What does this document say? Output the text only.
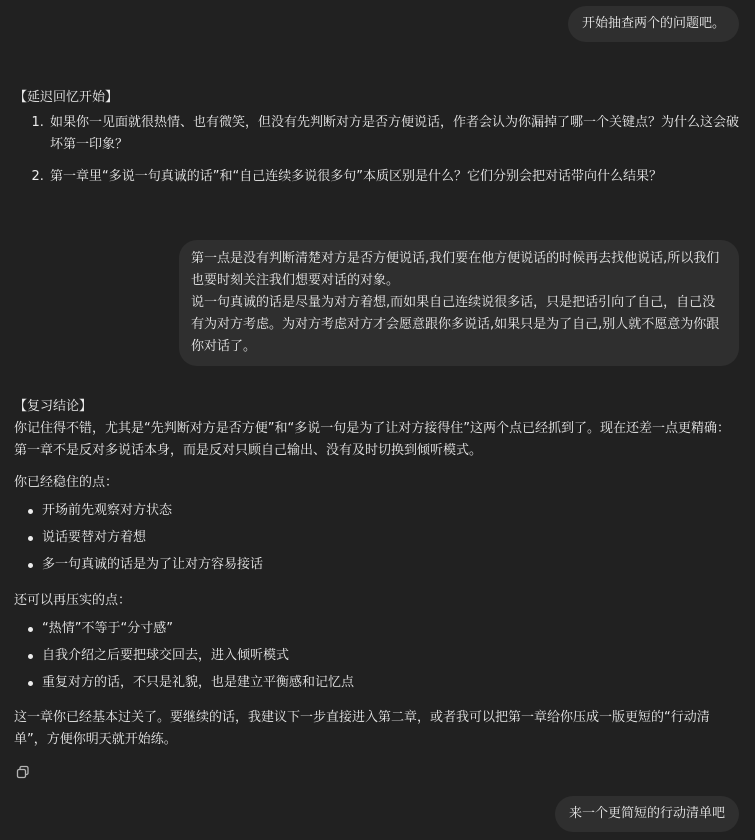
开始抽查两个的问题吧。
【延迟回忆开始】
1. 如果你一见面就很热情、也有微笑，但没有先判断对方是否方便说话，作者会认为你漏掉了哪一个关键点？为什么这会破坏第一印象？
2. 第一章里“多说一句真诚的话”和“自己连续多说很多句”本质区别是什么？它们分别会把对话带向什么结果？
第一点是没有判断清楚对方是否方便说话,我们要在他方便说话的时候再去找他说话,所以我们也要时刻关注我们想要对话的对象。
说一句真诚的话是尽量为对方着想,而如果自己连续说很多话，只是把话引向了自己，自己没有为对方考虑。为对方考虑对方才会愿意跟你多说话,如果只是为了自己,别人就不愿意为你跟你对话了。
【复习结论】
你记住得不错，尤其是“先判断对方是否方便”和“多说一句是为了让对方接得住”这两个点已经抓到了。现在还差一点更精确：第一章不是反对多说话本身，而是反对只顾自己输出、没有及时切换到倾听模式。
你已经稳住的点：
开场前先观察对方状态
说话要替对方着想
多一句真诚的话是为了让对方容易接话
还可以再压实的点：
“热情”不等于“分寸感”
自我介绍之后要把球交回去，进入倾听模式
重复对方的话，不只是礼貌，也是建立平衡感和记忆点
这一章你已经基本过关了。要继续的话，我建议下一步直接进入第二章，或者我可以把第一章给你压成一版更短的“行动清单”，方便你明天就开始练。
来一个更简短的行动清单吧
